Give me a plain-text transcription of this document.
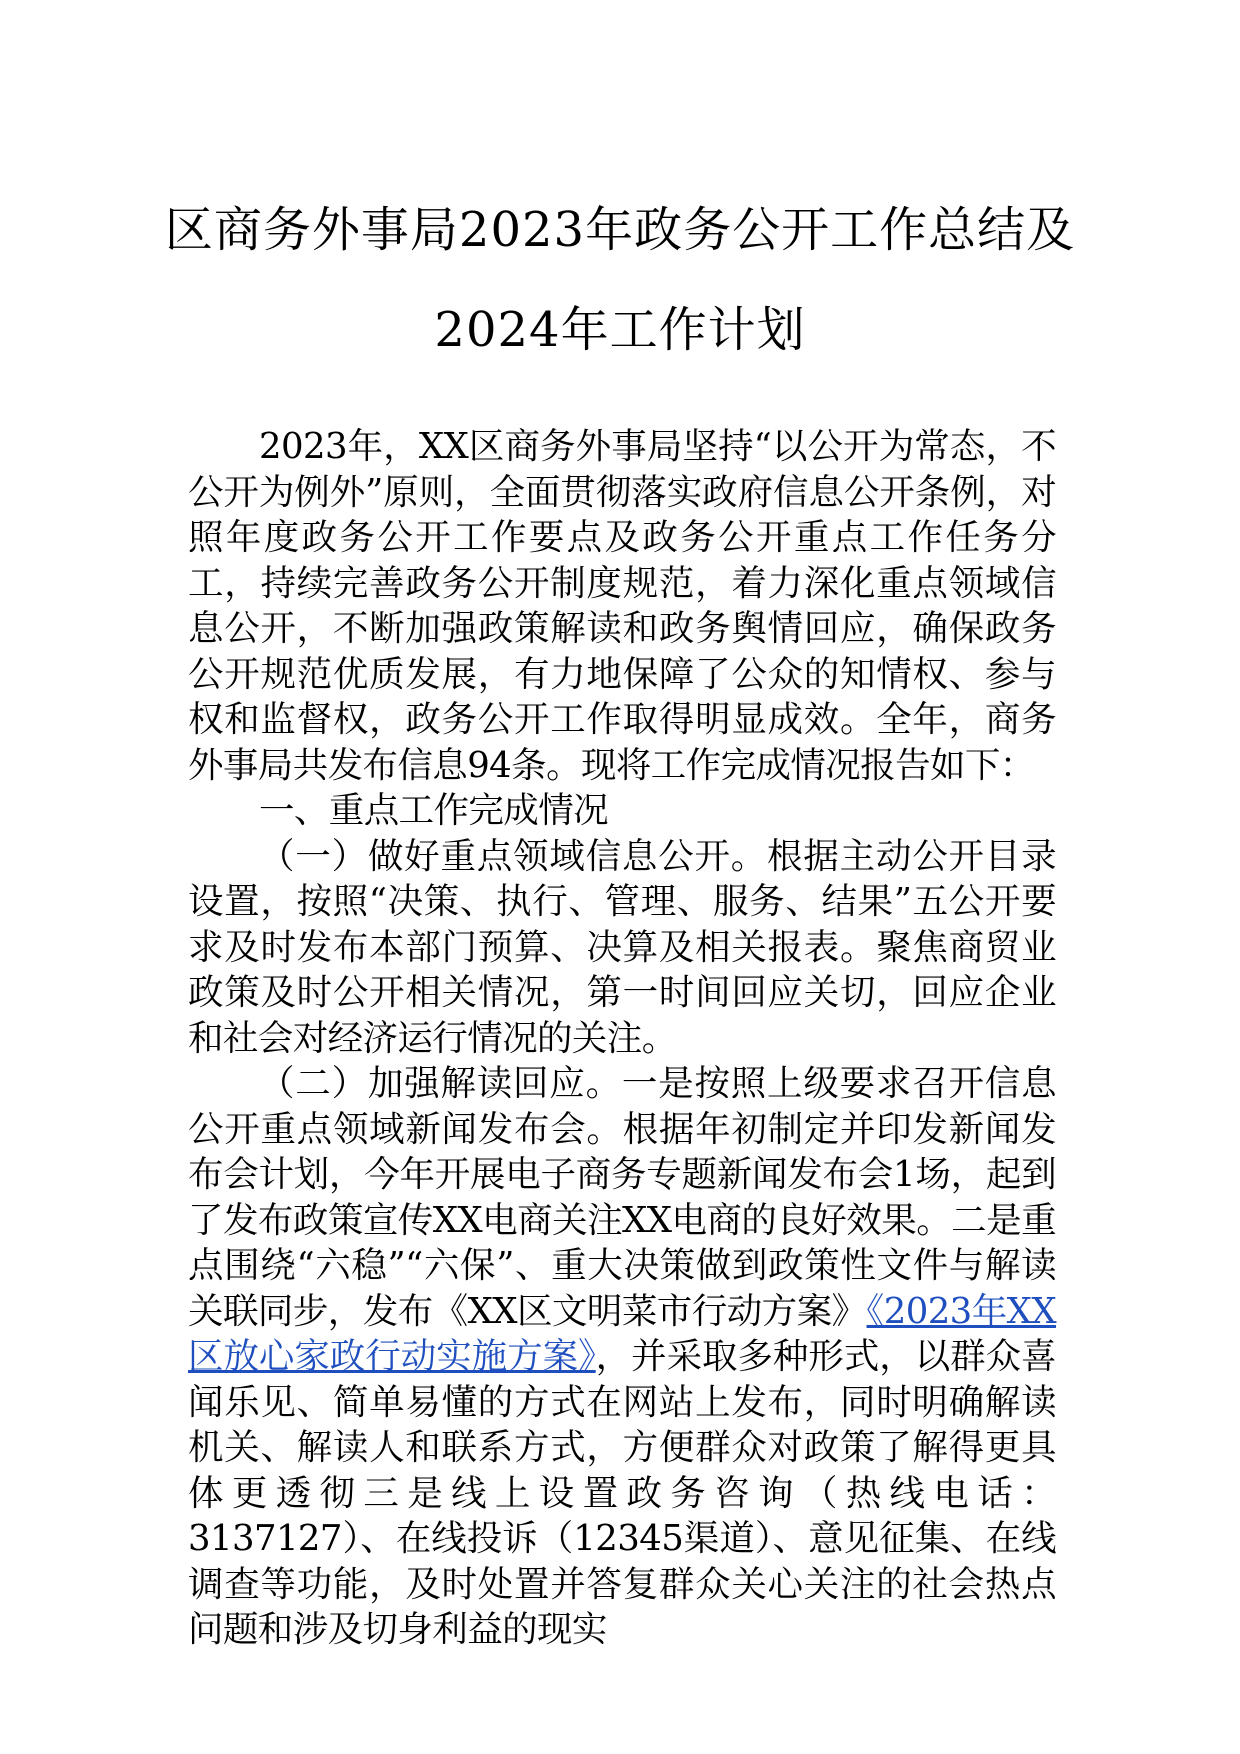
区商务外事局2023年政务公开工作总结及
2024年工作计划

2023年，XX区商务外事局坚持“以公开为常态，不公开为例外”原则，全面贯彻落实政府信息公开条例，对照年度政务公开工作要点及政务公开重点工作任务分工，持续完善政务公开制度规范，着力深化重点领域信息公开，不断加强政策解读和政务舆情回应，确保政务公开规范优质发展，有力地保障了公众的知情权、参与权和监督权，政务公开工作取得明显成效。全年，商务外事局共发布信息94条。现将工作完成情况报告如下：

一、重点工作完成情况

（一）做好重点领域信息公开。根据主动公开目录设置，按照“决策、执行、管理、服务、结果”五公开要求及时发布本部门预算、决算及相关报表。聚焦商贸业政策及时公开相关情况，第一时间回应关切，回应企业和社会对经济运行情况的关注。

（二）加强解读回应。一是按照上级要求召开信息公开重点领域新闻发布会。根据年初制定并印发新闻发布会计划，今年开展电子商务专题新闻发布会1场，起到了发布政策宣传XX电商关注XX电商的良好效果。二是重点围绕“六稳”“六保”、重大决策做到政策性文件与解读关联同步，发布《XX区文明菜市行动方案》《2023年XX区放心家政行动实施方案》，并采取多种形式，以群众喜闻乐见、简单易懂的方式在网站上发布，同时明确解读机关、解读人和联系方式，方便群众对政策了解得更具体更透彻三是线上设置政务咨询（热线电话：3137127）、在线投诉（12345渠道）、意见征集、在线调查等功能，及时处置并答复群众关心关注的社会热点问题和涉及切身利益的现实
